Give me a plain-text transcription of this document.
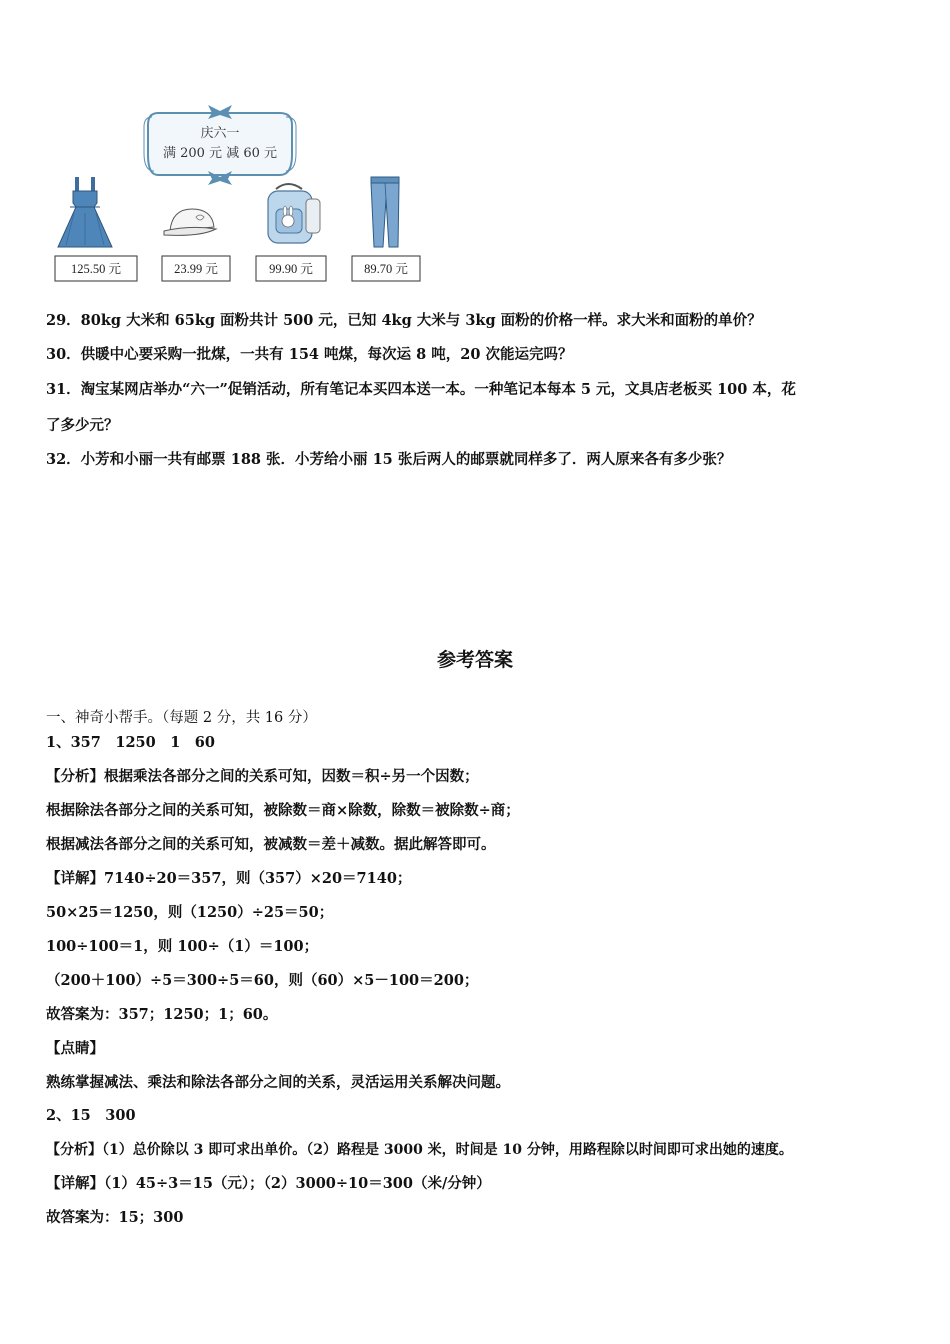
庆六一
满 200 元 减 60 元
125.50 元	23.99 元	99.90 元	89.70 元
29．80kg 大米和 65kg 面粉共计 500 元，已知 4kg 大米与 3kg 面粉的价格一样。求大米和面粉的单价？
30．供暖中心要采购一批煤，一共有 154 吨煤，每次运 8 吨，20 次能运完吗？
31．淘宝某网店举办“六一”促销活动，所有笔记本买四本送一本。一种笔记本每本 5 元，文具店老板买 100 本，花
了多少元？
32．小芳和小丽一共有邮票 188 张．小芳给小丽 15 张后两人的邮票就同样多了．两人原来各有多少张？
参考答案
一、神奇小帮手。（每题 2 分，共 16 分）
1、357　1250　1　60
【分析】根据乘法各部分之间的关系可知，因数＝积÷另一个因数；
根据除法各部分之间的关系可知，被除数＝商×除数，除数＝被除数÷商；
根据减法各部分之间的关系可知，被减数＝差＋减数。据此解答即可。
【详解】7140÷20＝357，则（357）×20＝7140；
50×25＝1250，则（1250）÷25＝50；
100÷100＝1，则 100÷（1）＝100；
（200＋100）÷5＝300÷5＝60，则（60）×5－100＝200；
故答案为：357；1250；1；60。
【点睛】
熟练掌握减法、乘法和除法各部分之间的关系，灵活运用关系解决问题。
2、15　300
【分析】（1）总价除以 3 即可求出单价。（2）路程是 3000 米，时间是 10 分钟，用路程除以时间即可求出她的速度。
【详解】（1）45÷3＝15（元）；（2）3000÷10＝300（米/分钟）
故答案为：15；300
